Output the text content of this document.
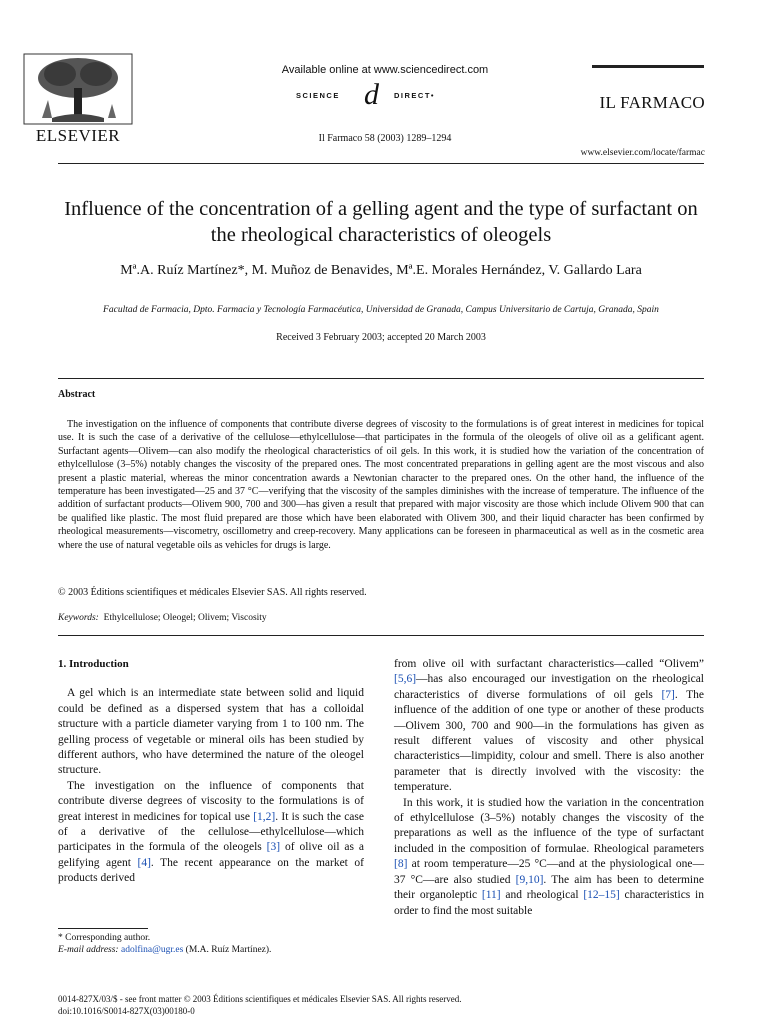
ELSEVIER
Available online at www.sciencedirect.com
SCIENCE d DIRECT•
Il Farmaco 58 (2003) 1289–1294
IL FARMACO
www.elsevier.com/locate/farmac
Influence of the concentration of a gelling agent and the type of surfactant on the rheological characteristics of oleogels
Mª.A. Ruíz Martínez*, M. Muñoz de Benavides, Mª.E. Morales Hernández, V. Gallardo Lara
Facultad de Farmacia, Dpto. Farmacia y Tecnología Farmacéutica, Universidad de Granada, Campus Universitario de Cartuja, Granada, Spain
Received 3 February 2003; accepted 20 March 2003
Abstract
The investigation on the influence of components that contribute diverse degrees of viscosity to the formulations is of great interest in medicines for topical use. It is such the case of a derivative of the cellulose—ethylcellulose—that participates in the formula of the oleogels of olive oil as a gelificant agent. Surfactant agents—Olivem—can also modify the rheological characteristics of oil gels. In this work, it is studied how the variation of the concentration of ethylcellulose (3–5%) notably changes the viscosity of the prepared ones. The most concentrated preparations in gelling agent are the most viscous and also present a plastic material, whereas the minor concentration awards a Newtonian character to the prepared ones. On the other hand, the influence of the temperature has been investigated—25 and 37 °C—verifying that the viscosity of the samples diminishes with the increase of temperature. The influence of the addition of surfactant products—Olivem 900, 700 and 300—has given a result that prepared with major viscosity are those which include Olivem 900 that can be qualified like plastic. The most fluid prepared are those which have been elaborated with Olivem 300, and their liquid character has been confirmed by rheological measurements—viscometry, oscillometry and creep-recovery. Many applications can be foreseen in pharmaceutical as well as in the cosmetic area where the use of natural vegetable oils as vehicles for drugs is large.
© 2003 Éditions scientifiques et médicales Elsevier SAS. All rights reserved.
Keywords: Ethylcellulose; Oleogel; Olivem; Viscosity
1. Introduction

A gel which is an intermediate state between solid and liquid could be defined as a dispersed system that has a colloidal structure with a particle diameter varying from 1 to 100 nm. The gelling process of vegetable or mineral oils has been studied by different authors, who have determined the nature of the oleogel structure.

The investigation on the influence of components that contribute diverse degrees of viscosity to the formulations is of great interest in medicines for topical use [1,2]. It is such the case of a derivative of the cellulose—ethylcellulose—which participates in the formula of the oleogels [3] of olive oil as a gelifying agent [4]. The recent appearance on the market of products derived

from olive oil with surfactant characteristics—called “Olivem” [5,6]—has also encouraged our investigation on the rheological characteristics of diverse formulations of oil gels [7]. The influence of the addition of one type or another of these products—Olivem 300, 700 and 900—in the formulations has given as result different values of viscosity and other physical characteristics—limpidity, colour and smell. There is also another parameter that is directly involved with the viscosity: the temperature.

In this work, it is studied how the variation in the concentration of ethylcellulose (3–5%) notably changes the viscosity of the preparations as well as the influence of the type of surfactant included in the composition of formulae. Rheological parameters [8] at room temperature—25 °C—and at the physiological one—37 °C—are also studied [9,10]. The aim has been to determine their organoleptic [11] and rheological [12–15] characteristics in order to find the most suitable

* Corresponding author.
E-mail address: adolfina@ugr.es (M.A. Ruíz Martínez).
0014-827X/03/$ - see front matter © 2003 Éditions scientifiques et médicales Elsevier SAS. All rights reserved.
doi:10.1016/S0014-827X(03)00180-0
